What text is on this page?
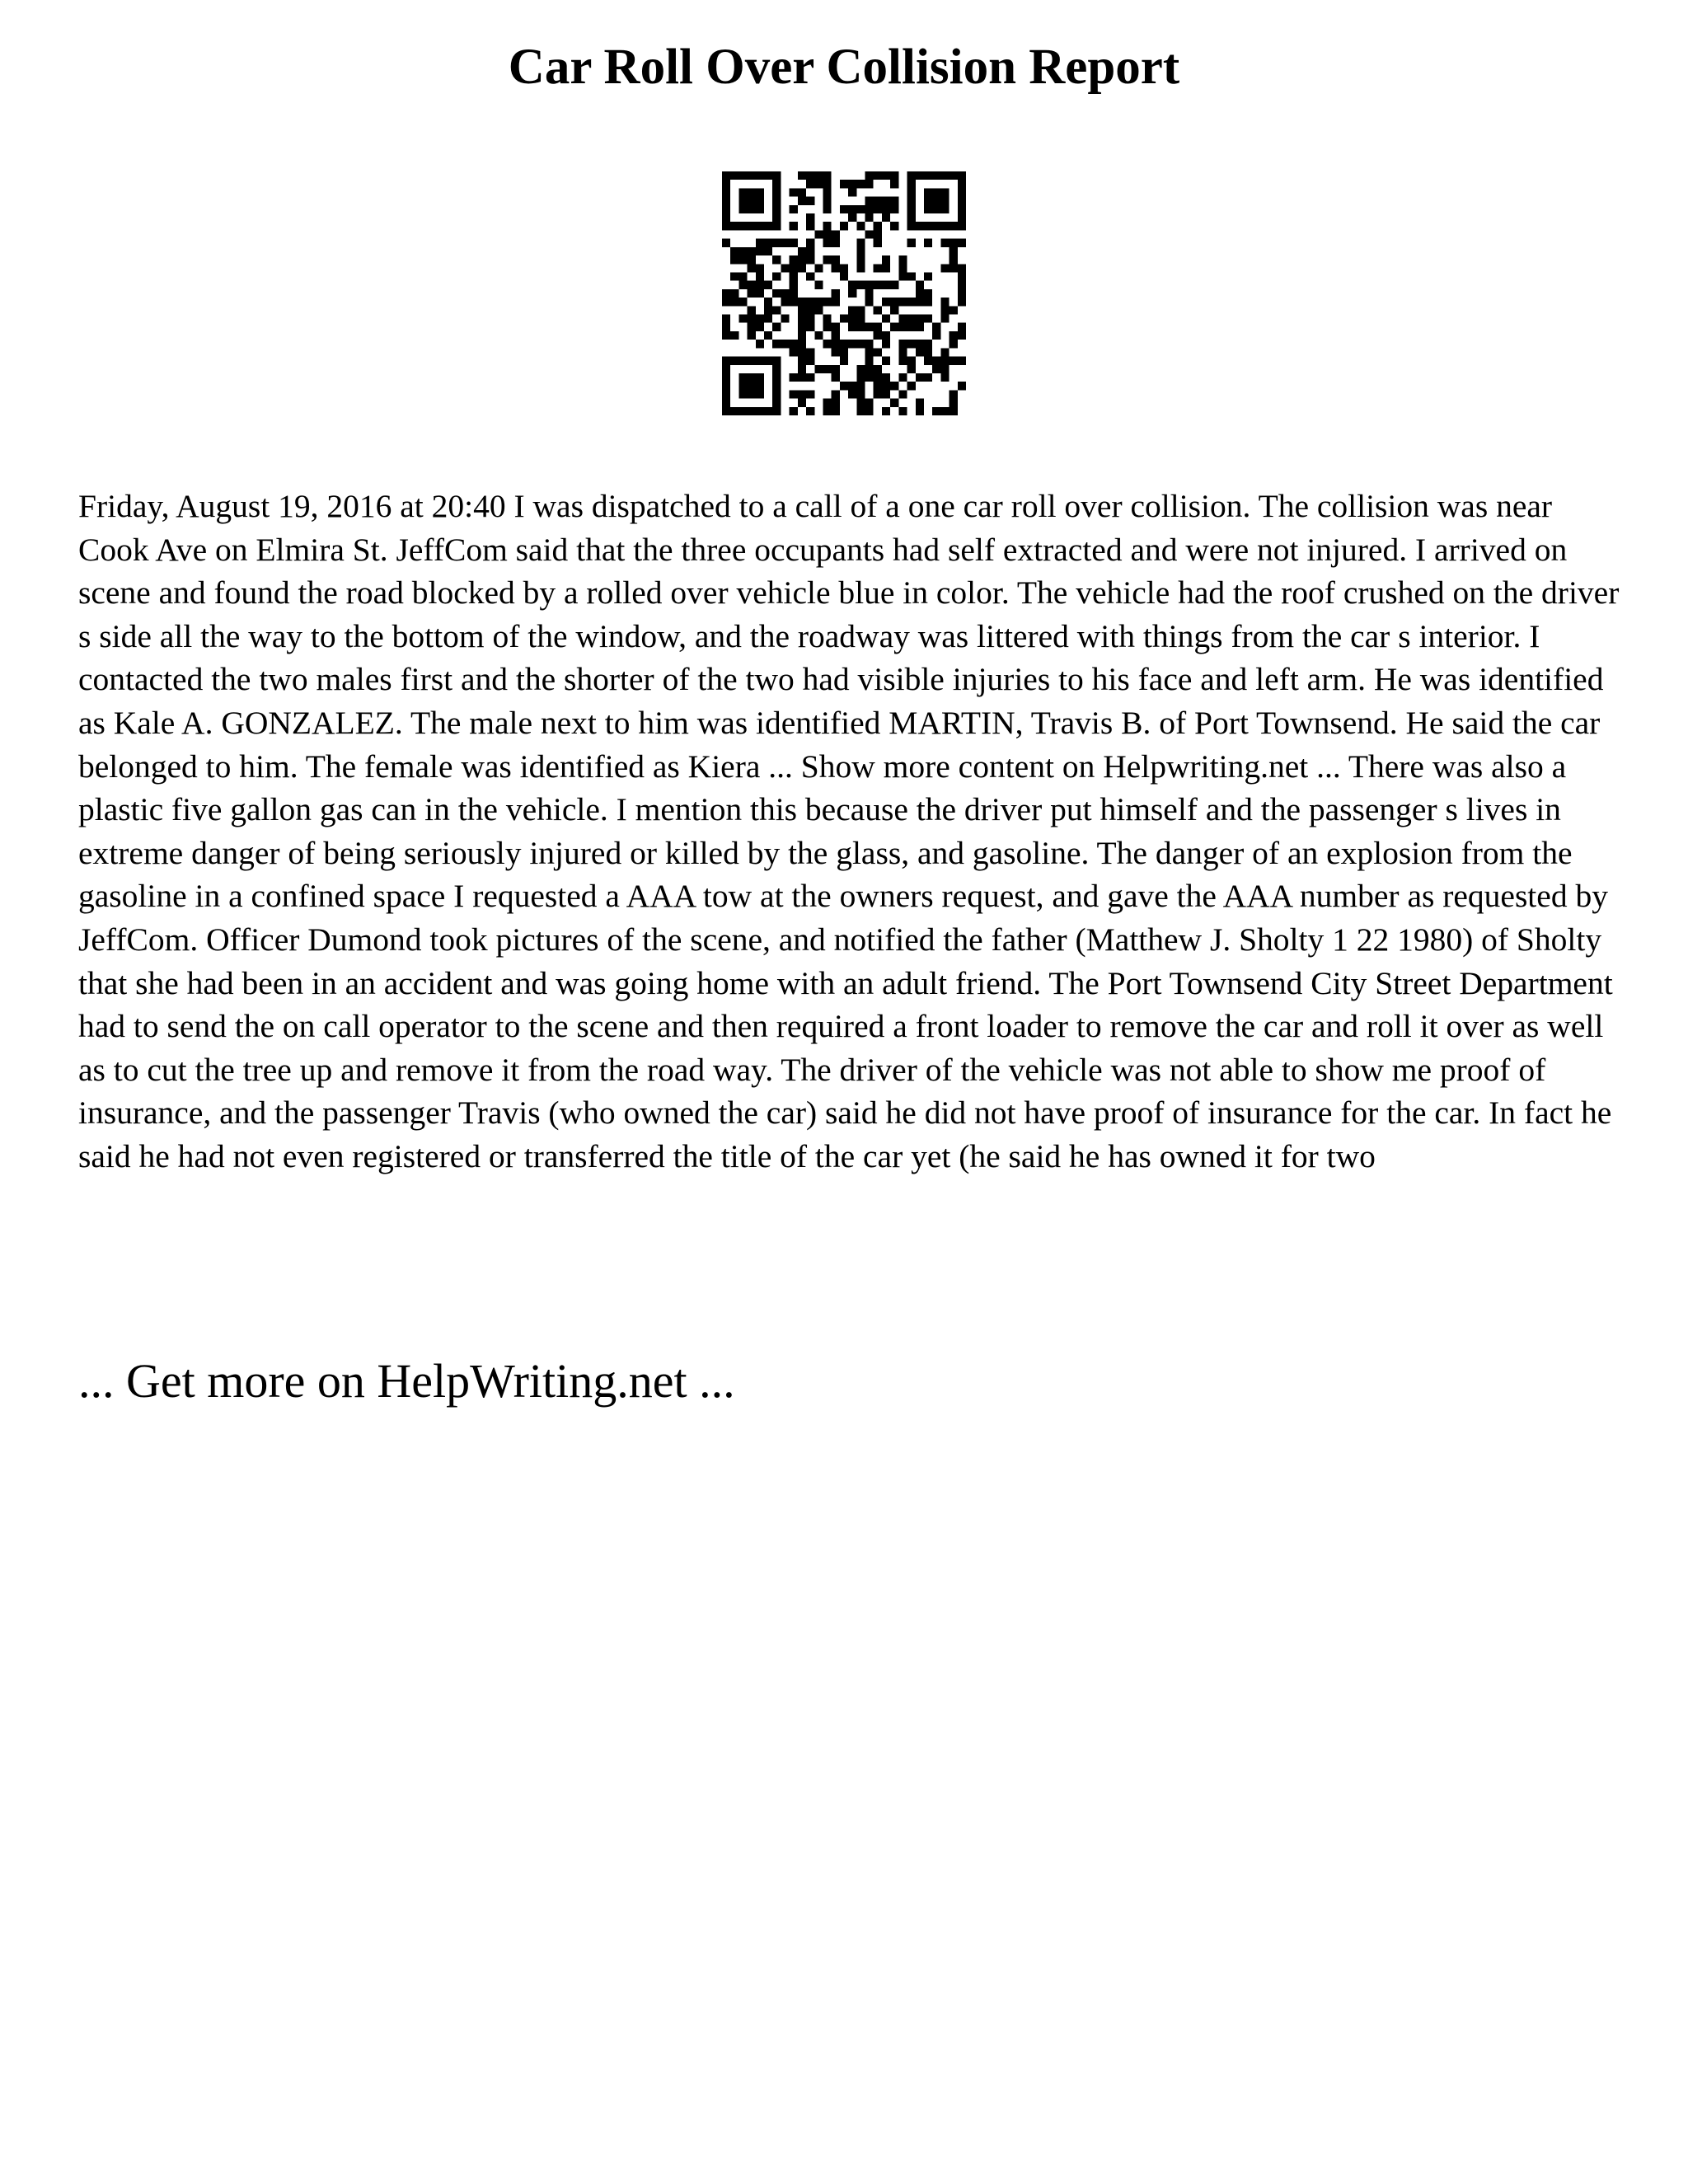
Car Roll Over Collision Report

Friday, August 19, 2016 at 20:40 I was dispatched to a call of a one car roll over collision. The collision was near Cook Ave on Elmira St. JeffCom said that the three occupants had self extracted and were not injured. I arrived on scene and found the road blocked by a rolled over vehicle blue in color. The vehicle had the roof crushed on the driver s side all the way to the bottom of the window, and the roadway was littered with things from the car s interior. I contacted the two males first and the shorter of the two had visible injuries to his face and left arm. He was identified as Kale A. GONZALEZ. The male next to him was identified MARTIN, Travis B. of Port Townsend. He said the car belonged to him. The female was identified as Kiera ... Show more content on Helpwriting.net ... There was also a plastic five gallon gas can in the vehicle. I mention this because the driver put himself and the passenger s lives in extreme danger of being seriously injured or killed by the glass, and gasoline. The danger of an explosion from the gasoline in a confined space I requested a AAA tow at the owners request, and gave the AAA number as requested by JeffCom. Officer Dumond took pictures of the scene, and notified the father (Matthew J. Sholty 1 22 1980) of Sholty that she had been in an accident and was going home with an adult friend. The Port Townsend City Street Department had to send the on call operator to the scene and then required a front loader to remove the car and roll it over as well as to cut the tree up and remove it from the road way. The driver of the vehicle was not able to show me proof of insurance, and the passenger Travis (who owned the car) said he did not have proof of insurance for the car. In fact he said he had not even registered or transferred the title of the car yet (he said he has owned it for two

... Get more on HelpWriting.net ...
